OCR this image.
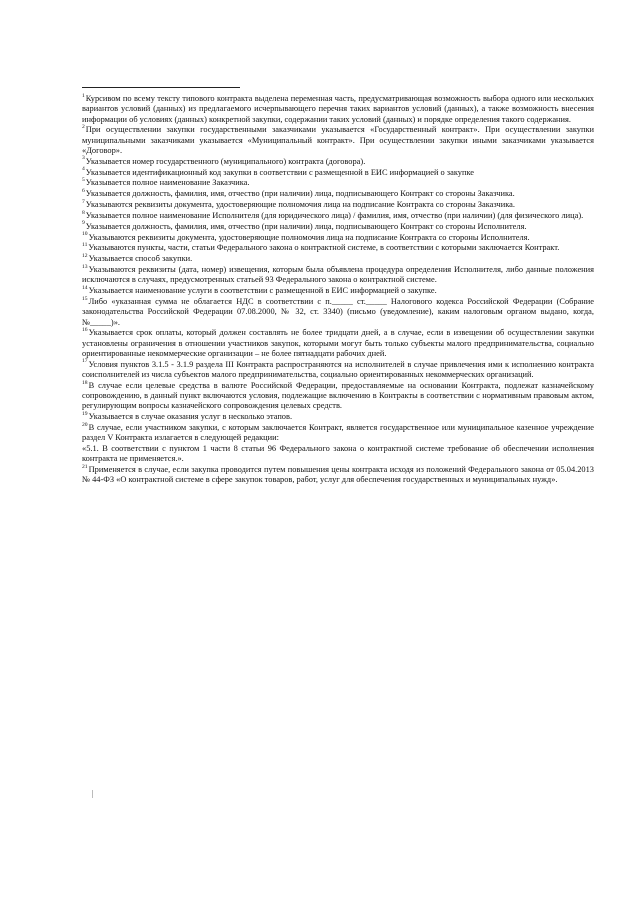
$^1$Курсивом по всему тексту типового контракта выделена переменная часть, предусматривающая возможность выбора одного или нескольких вариантов условий (данных) из предлагаемого исчерпывающего перечня таких вариантов условий (данных), а также возможность внесения информации об условиях (данных) конкретной закупки, содержании таких условий (данных) и порядке определения такого содержания.

$^2$При осуществлении закупки государственными заказчиками указывается «Государственный контракт». При осуществлении закупки муниципальными заказчиками указывается «Муниципальный контракт». При осуществлении закупки иными заказчиками указывается «Договор».

$^3$Указывается номер государственного (муниципального) контракта (договора).

$^4$Указывается идентификационный код закупки в соответствии с размещенной в ЕИС информацией о закупке

$^5$Указывается полное наименование Заказчика.

$^6$Указывается должность, фамилия, имя, отчество (при наличии) лица, подписывающего Контракт со стороны Заказчика.

$^7$Указываются реквизиты документа, удостоверяющие полномочия лица на подписание Контракта со стороны Заказчика.

$^8$Указывается полное наименование Исполнителя (для юридического лица) / фамилия, имя, отчество (при наличии) (для физического лица).

$^9$Указывается должность, фамилия, имя, отчество (при наличии) лица, подписывающего Контракт со стороны Исполнителя.

$^{10}$Указываются реквизиты документа, удостоверяющие полномочия лица на подписание Контракта со стороны Исполнителя.

$^{11}$Указываются пункты, части, статьи Федерального закона о контрактной системе, в соответствии с которыми заключается Контракт.

$^{12}$Указывается способ закупки.

$^{13}$Указываются реквизиты (дата, номер) извещения, которым была объявлена процедура определения Исполнителя, либо данные положения исключаются в случаях, предусмотренных статьей 93 Федерального закона о контрактной системе.

$^{14}$Указывается наименование услуги в соответствии с размещенной в ЕИС информацией о закупке.

$^{15}$Либо «указанная сумма не облагается НДС в соответствии с п._____ ст._____ Налогового кодекса Российской Федерации (Собрание законодательства Российской Федерации 07.08.2000, № 32, ст. 3340) (письмо (уведомление), каким налоговым органом выдано, когда, №_____)».

$^{16}$Указывается срок оплаты, который должен составлять не более тридцати дней, а в случае, если в извещении об осуществлении закупки установлены ограничения в отношении участников закупок, которыми могут быть только субъекты малого предпринимательства, социально ориентированные некоммерческие организации – не более пятнадцати рабочих дней.

$^{17}$Условия пунктов 3.1.5 - 3.1.9 раздела III Контракта распространяются на исполнителей в случае привлечения ими к исполнению контракта соисполнителей из числа субъектов малого предпринимательства, социально ориентированных некоммерческих организаций.

$^{18}$В случае если целевые средства в валюте Российской Федерации, предоставляемые на основании Контракта, подлежат казначейскому сопровождению, в данный пункт включаются условия, подлежащие включению в Контракты в соответствии с нормативным правовым актом, регулирующим вопросы казначейского сопровождения целевых средств.

$^{19}$Указывается в случае оказания услуг в несколько этапов.

$^{20}$В случае, если участником закупки, с которым заключается Контракт, является государственное или муниципальное казенное учреждение раздел V Контракта излагается в следующей редакции:

«5.1. В соответствии с пунктом 1 части 8 статьи 96 Федерального закона о контрактной системе требование об обеспечении исполнения контракта не применяется.».

$^{21}$Применяется в случае, если закупка проводится путем повышения цены контракта исходя из положений Федерального закона от 05.04.2013 № 44-ФЗ «О контрактной системе в сфере закупок товаров, работ, услуг для обеспечения государственных и муниципальных нужд».
